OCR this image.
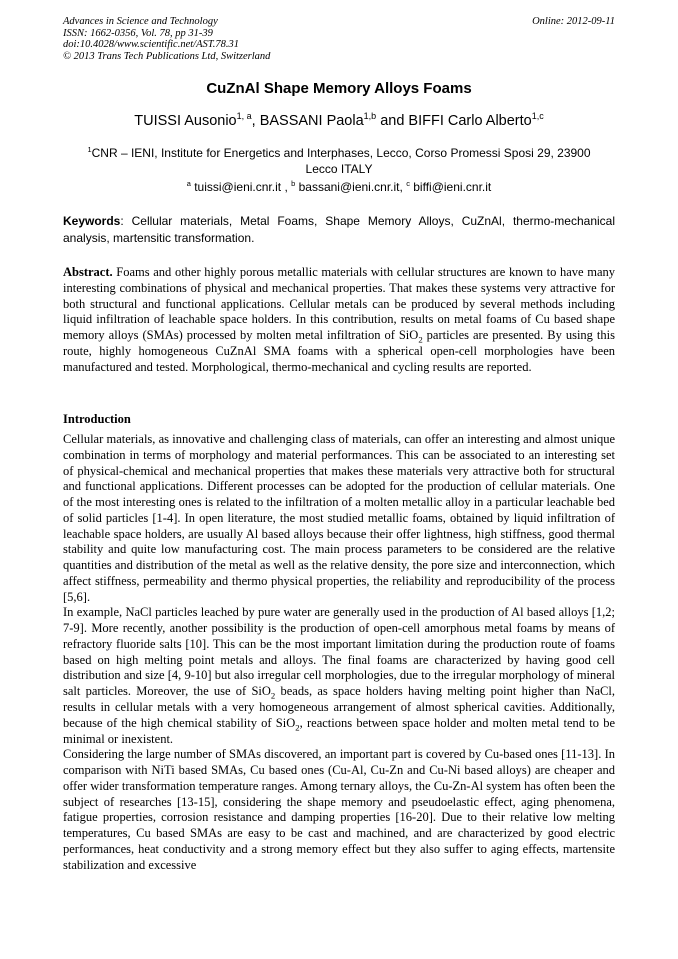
Advances in Science and Technology
ISSN: 1662-0356, Vol. 78, pp 31-39
doi:10.4028/www.scientific.net/AST.78.31
© 2013 Trans Tech Publications Ltd, Switzerland
Online: 2012-09-11
CuZnAl Shape Memory Alloys Foams
TUISSI Ausonio$^{1, a}$, BASSANI Paola$^{1,b}$ and BIFFI Carlo Alberto$^{1,c}$
$^1$CNR – IENI, Institute for Energetics and Interphases, Lecco, Corso Promessi Sposi 29, 23900 Lecco ITALY
$^a$ tuissi@ieni.cnr.it , $^b$ bassani@ieni.cnr.it, $^c$ biffi@ieni.cnr.it
Keywords: Cellular materials, Metal Foams, Shape Memory Alloys, CuZnAl, thermo-mechanical analysis, martensitic transformation.

Abstract. Foams and other highly porous metallic materials with cellular structures are known to have many interesting combinations of physical and mechanical properties. That makes these systems very attractive for both structural and functional applications. Cellular metals can be produced by several methods including liquid infiltration of leachable space holders. In this contribution, results on metal foams of Cu based shape memory alloys (SMAs) processed by molten metal infiltration of SiO$_2$ particles are presented. By using this route, highly homogeneous CuZnAl SMA foams with a spherical open-cell morphologies have been manufactured and tested. Morphological, thermo-mechanical and cycling results are reported.

Introduction

Cellular materials, as innovative and challenging class of materials, can offer an interesting and almost unique combination in terms of morphology and material performances. This can be associated to an interesting set of physical-chemical and mechanical properties that makes these materials very attractive both for structural and functional applications. Different processes can be adopted for the production of cellular materials. One of the most interesting ones is related to the infiltration of a molten metallic alloy in a particular leachable bed of solid particles [1-4]. In open literature, the most studied metallic foams, obtained by liquid infiltration of leachable space holders, are usually Al based alloys because their offer lightness, high stiffness, good thermal stability and quite low manufacturing cost. The main process parameters to be considered are the relative quantities and distribution of the metal as well as the relative density, the pore size and interconnection, which affect stiffness, permeability and thermo physical properties, the reliability and reproducibility of the process [5,6].

In example, NaCl particles leached by pure water are generally used in the production of Al based alloys [1,2; 7-9]. More recently, another possibility is the production of open-cell amorphous metal foams by means of refractory fluoride salts [10]. This can be the most important limitation during the production route of foams based on high melting point metals and alloys. The final foams are characterized by having good cell distribution and size [4, 9-10] but also irregular cell morphologies, due to the irregular morphology of mineral salt particles. Moreover, the use of SiO$_2$ beads, as space holders having melting point higher than NaCl, results in cellular metals with a very homogeneous arrangement of almost spherical cavities. Additionally, because of the high chemical stability of SiO$_2$, reactions between space holder and molten metal tend to be minimal or inexistent.

Considering the large number of SMAs discovered, an important part is covered by Cu-based ones [11-13]. In comparison with NiTi based SMAs, Cu based ones (Cu-Al, Cu-Zn and Cu-Ni based alloys) are cheaper and offer wider transformation temperature ranges. Among ternary alloys, the Cu-Zn-Al system has often been the subject of researches [13-15], considering the shape memory and pseudoelastic effect, aging phenomena, fatigue properties, corrosion resistance and damping properties [16-20]. Due to their relative low melting temperatures, Cu based SMAs are easy to be cast and machined, and are characterized by good electric performances, heat conductivity and a strong memory effect but they also suffer to aging effects, martensite stabilization and excessive
